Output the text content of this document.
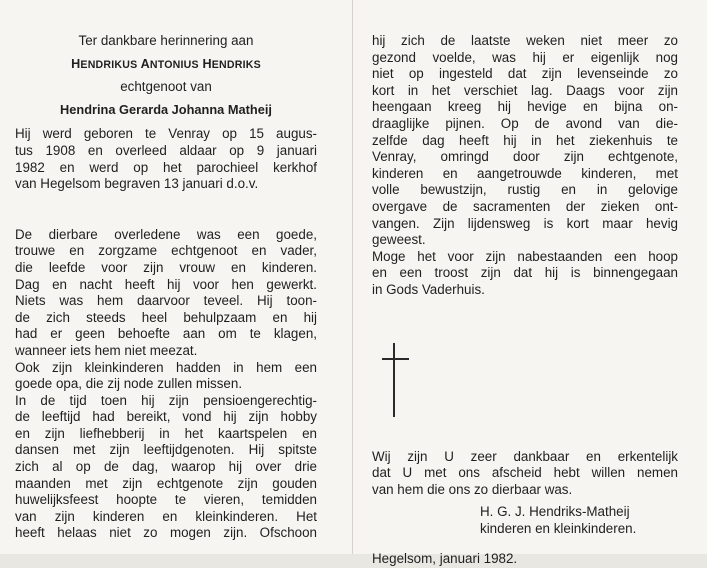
Ter dankbare herinnering aan
HENDRIKUS ANTONIUS HENDRIKS
echtgenoot van
Hendrina Gerarda Johanna Matheij
Hij werd geboren te Venray op 15 augus-
tus 1908 en overleed aldaar op 9 januari
1982 en werd op het parochieel kerkhof
van Hegelsom begraven 13 januari d.o.v.
De dierbare overledene was een goede,
trouwe en zorgzame echtgenoot en vader,
die leefde voor zijn vrouw en kinderen.
Dag en nacht heeft hij voor hen gewerkt.
Niets was hem daarvoor teveel. Hij toon-
de zich steeds heel behulpzaam en hij
had er geen behoefte aan om te klagen,
wanneer iets hem niet meezat.
Ook zijn kleinkinderen hadden in hem een
goede opa, die zij node zullen missen.
In de tijd toen hij zijn pensioengerechtig-
de leeftijd had bereikt, vond hij zijn hobby
en zijn liefhebberij in het kaartspelen en
dansen met zijn leeftijdgenoten. Hij spitste
zich al op de dag, waarop hij over drie
maanden met zijn echtgenote zijn gouden
huwelijksfeest hoopte te vieren, temidden
van zijn kinderen en kleinkinderen. Het
heeft helaas niet zo mogen zijn. Ofschoon
hij zich de laatste weken niet meer zo
gezond voelde, was hij er eigenlijk nog
niet op ingesteld dat zijn levenseinde zo
kort in het verschiet lag. Daags voor zijn
heengaan kreeg hij hevige en bijna on-
draaglijke pijnen. Op de avond van die-
zelfde dag heeft hij in het ziekenhuis te
Venray, omringd door zijn echtgenote,
kinderen en aangetrouwde kinderen, met
volle bewustzijn, rustig en in gelovige
overgave de sacramenten der zieken ont-
vangen. Zijn lijdensweg is kort maar hevig
geweest.
Moge het voor zijn nabestaanden een hoop
en een troost zijn dat hij is binnengegaan
in Gods Vaderhuis.
Wij zijn U zeer dankbaar en erkentelijk
dat U met ons afscheid hebt willen nemen
van hem die ons zo dierbaar was.
H. G. J. Hendriks-Matheij
kinderen en kleinkinderen.
Hegelsom, januari 1982.
